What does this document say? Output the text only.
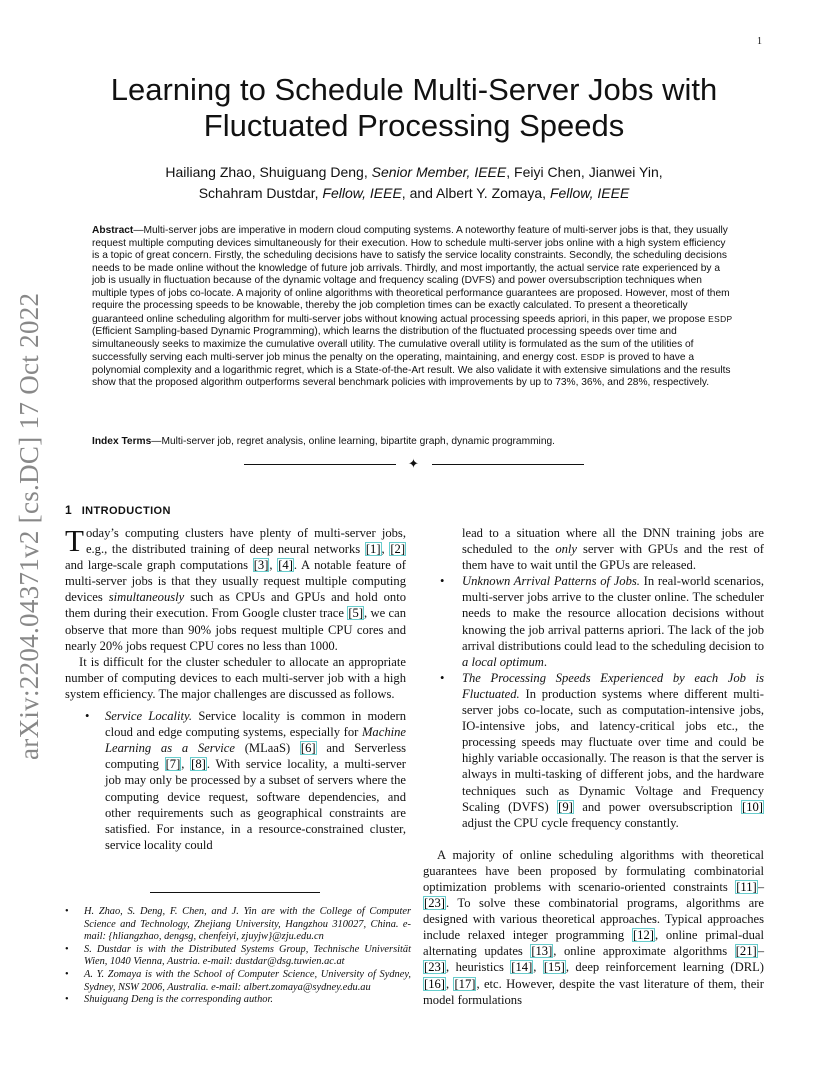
1
arXiv:2204.04371v2 [cs.DC] 17 Oct 2022
Learning to Schedule Multi-Server Jobs with
Fluctuated Processing Speeds
Hailiang Zhao, Shuiguang Deng, Senior Member, IEEE, Feiyi Chen, Jianwei Yin,
Schahram Dustdar, Fellow, IEEE, and Albert Y. Zomaya, Fellow, IEEE
Abstract—Multi-server jobs are imperative in modern cloud computing systems. A noteworthy feature of multi-server jobs is that, they usually request multiple computing devices simultaneously for their execution. How to schedule multi-server jobs online with a high system efficiency is a topic of great concern. Firstly, the scheduling decisions have to satisfy the service locality constraints. Secondly, the scheduling decisions needs to be made online without the knowledge of future job arrivals. Thirdly, and most importantly, the actual service rate experienced by a job is usually in fluctuation because of the dynamic voltage and frequency scaling (DVFS) and power oversubscription techniques when multiple types of jobs co-locate. A majority of online algorithms with theoretical performance guarantees are proposed. However, most of them require the processing speeds to be knowable, thereby the job completion times can be exactly calculated. To present a theoretically guaranteed online scheduling algorithm for multi-server jobs without knowing actual processing speeds apriori, in this paper, we propose ESDP (Efficient Sampling-based Dynamic Programming), which learns the distribution of the fluctuated processing speeds over time and simultaneously seeks to maximize the cumulative overall utility. The cumulative overall utility is formulated as the sum of the utilities of successfully serving each multi-server job minus the penalty on the operating, maintaining, and energy cost. ESDP is proved to have a polynomial complexity and a logarithmic regret, which is a State-of-the-Art result. We also validate it with extensive simulations and the results show that the proposed algorithm outperforms several benchmark policies with improvements by up to 73%, 36%, and 28%, respectively.
Index Terms—Multi-server job, regret analysis, online learning, bipartite graph, dynamic programming.
✦
1 INTRODUCTION

Today’s computing clusters have plenty of multi-server jobs, e.g., the distributed training of deep neural networks [1], [2] and large-scale graph computations [3], [4]. A notable feature of multi-server jobs is that they usually request multiple computing devices simultaneously such as CPUs and GPUs and hold onto them during their execution. From Google cluster trace [5], we can observe that more than 90% jobs request multiple CPU cores and nearly 20% jobs request CPU cores no less than 1000.

It is difficult for the cluster scheduler to allocate an appropriate number of computing devices to each multi-server job with a high system efficiency. The major challenges are discussed as follows.

• Service Locality. Service locality is common in modern cloud and edge computing systems, especially for Machine Learning as a Service (MLaaS) [6] and Serverless computing [7], [8]. With service locality, a multi-server job may only be processed by a subset of servers where the computing device request, software dependencies, and other requirements such as geographical constraints are satisfied. For instance, in a resource-constrained cluster, service locality could
lead to a situation where all the DNN training jobs are scheduled to the only server with GPUs and the rest of them have to wait until the GPUs are released.
• Unknown Arrival Patterns of Jobs. In real-world scenarios, multi-server jobs arrive to the cluster online. The scheduler needs to make the resource allocation decisions without knowing the job arrival patterns apriori. The lack of the job arrival distributions could lead to the scheduling decision to a local optimum.
• The Processing Speeds Experienced by each Job is Fluctuated. In production systems where different multi-server jobs co-locate, such as computation-intensive jobs, IO-intensive jobs, and latency-critical jobs etc., the processing speeds may fluctuate over time and could be highly variable occasionally. The reason is that the server is always in multi-tasking of different jobs, and the hardware techniques such as Dynamic Voltage and Frequency Scaling (DVFS) [9] and power oversubscription [10] adjust the CPU cycle frequency constantly.

A majority of online scheduling algorithms with theoretical guarantees have been proposed by formulating combinatorial optimization problems with scenario-oriented constraints [11]–[23]. To solve these combinatorial programs, algorithms are designed with various theoretical approaches. Typical approaches include relaxed integer programming [12], online primal-dual alternating updates [13], online approximate algorithms [21]–[23], heuristics [14], [15], deep reinforcement learning (DRL) [16], [17], etc. However, despite the vast literature of them, their model formulations

• H. Zhao, S. Deng, F. Chen, and J. Yin are with the College of Computer Science and Technology, Zhejiang University, Hangzhou 310027, China. e-mail: {hliangzhao, dengsg, chenfeiyi, zjuyjw}@zju.edu.cn
• S. Dustdar is with the Distributed Systems Group, Technische Universität Wien, 1040 Vienna, Austria. e-mail: dustdar@dsg.tuwien.ac.at
• A. Y. Zomaya is with the School of Computer Science, University of Sydney, Sydney, NSW 2006, Australia. e-mail: albert.zomaya@sydney.edu.au
• Shuiguang Deng is the corresponding author.
